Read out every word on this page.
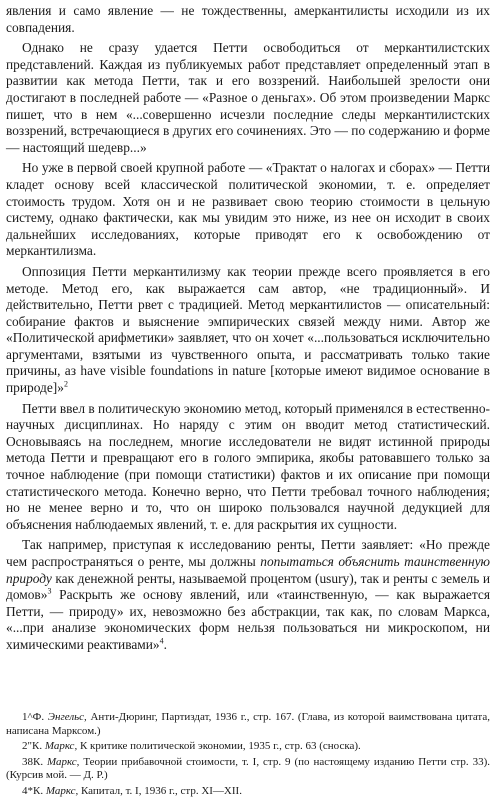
явления и само явление — не тождественны, амеркантилисты исходили из их совпадения.

Однако не сразу удается Петти освободиться от меркантилистских представлений. Каждая из публикуемых работ представляет определенный этап в развитии как метода Петти, так и его воззрений. Наибольшей зрелости они достигают в последней работе — «Разное о деньгах». Об этом произведении Маркс пишет, что в нем «...совершенно исчезли последние следы меркантилистских воззрений, встречающиеся в других его сочинениях. Это — по содержанию и форме — настоящий шедевр...»

Но уже в первой своей крупной работе — «Трактат о налогах и сборах» — Петти кладет основу всей классической политической экономии, т. е. определяет стоимость трудом. Хотя он и не развивает свою теорию стоимости в цельную систему, однако фактически, как мы увидим это ниже, из нее он исходит в своих дальнейших исследованиях, которые приводят его к освобождению от меркантилизма.

Оппозиция Петти меркантилизму как теории прежде всего проявляется в его методе. Метод его, как выражается сам автор, «не традиционный». И действительно, Петти рвет с традицией. Метод меркантилистов — описательный: собирание фактов и выяснение эмпирических связей между ними. Автор же «Политической арифметики» заявляет, что он хочет «...пользоваться исключительно аргументами, взятыми из чувственного опыта, и рассматривать только такие причины, аз have visible foundations in nature [которые имеют видимое основание в природе]»$^2$

Петти ввел в политическую экономию метод, который применялся в естественно-научных дисциплинах. Но наряду с этим он вводит метод статистический. Основываясь на последнем, многие исследователи не видят истинной природы метода Петти и превращают его в голого эмпирика, якобы ратовавшего только за точное наблюдение (при помощи статистики) фактов и их описание при помощи статистического метода. Конечно верно, что Петти требовал точного наблюдения; но не менее верно и то, что он широко пользовался научной дедукцией для объяснения наблюдаемых явлений, т. е. для раскрытия их сущности.

Так например, приступая к исследованию ренты, Петти заявляет: «Но прежде чем распространяться о ренте, мы должны попытаться объяснить таинственную природу как денежной ренты, называемой процентом (usury), так и ренты с земель и домов»$^3$ Раскрыть же основу явлений, или «таинственную, — как выражается Петти, — природу» их, невозможно без абстракции, так как, по словам Маркса, «...при анализе экономических форм нельзя пользоваться ни микроскопом, ни химическими реактивами»$^4$.

1^Ф. Энгельс, Анти-Дюринг, Партиздат, 1936 г., стр. 167. (Глава, из которой ваимствована цитата, написана Марксом.)

2"К. Маркс, К критике политической экономии, 1935 г., стр. 63 (сноска).

38К. Маркс, Теории прибавочной стоимости, т. I, стр. 9 (по настоящему изданию Петти стр. 33). (Курсив мой. — Д. Р.)

4*К. Маркс, Капитал, т. I, 1936 г., стр. XI—XII.
